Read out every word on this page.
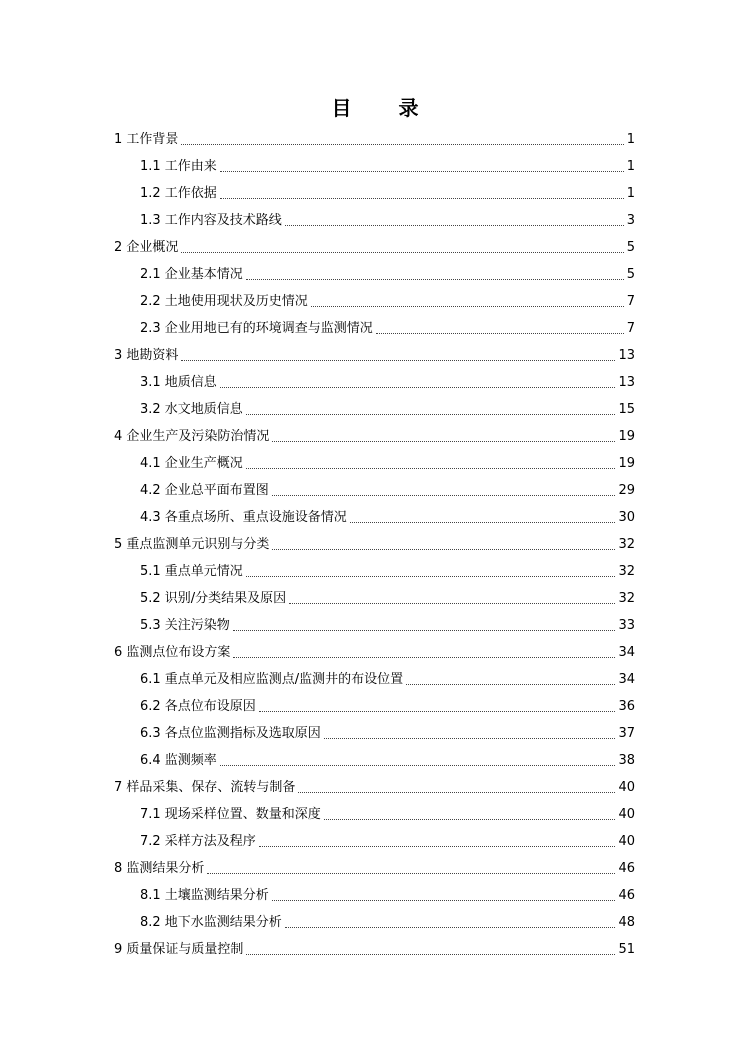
目 录
1 工作背景	1
1.1 工作由来	1
1.2 工作依据	1
1.3 工作内容及技术路线	3
2 企业概况	5
2.1 企业基本情况	5
2.2 土地使用现状及历史情况	7
2.3 企业用地已有的环境调查与监测情况	7
3 地勘资料	13
3.1 地质信息	13
3.2 水文地质信息	15
4 企业生产及污染防治情况	19
4.1 企业生产概况	19
4.2 企业总平面布置图	29
4.3 各重点场所、重点设施设备情况	30
5 重点监测单元识别与分类	32
5.1 重点单元情况	32
5.2 识别/分类结果及原因	32
5.3 关注污染物	33
6 监测点位布设方案	34
6.1 重点单元及相应监测点/监测井的布设位置	34
6.2 各点位布设原因	36
6.3 各点位监测指标及选取原因	37
6.4 监测频率	38
7 样品采集、保存、流转与制备	40
7.1 现场采样位置、数量和深度	40
7.2 采样方法及程序	40
8 监测结果分析	46
8.1 土壤监测结果分析	46
8.2 地下水监测结果分析	48
9 质量保证与质量控制	51
